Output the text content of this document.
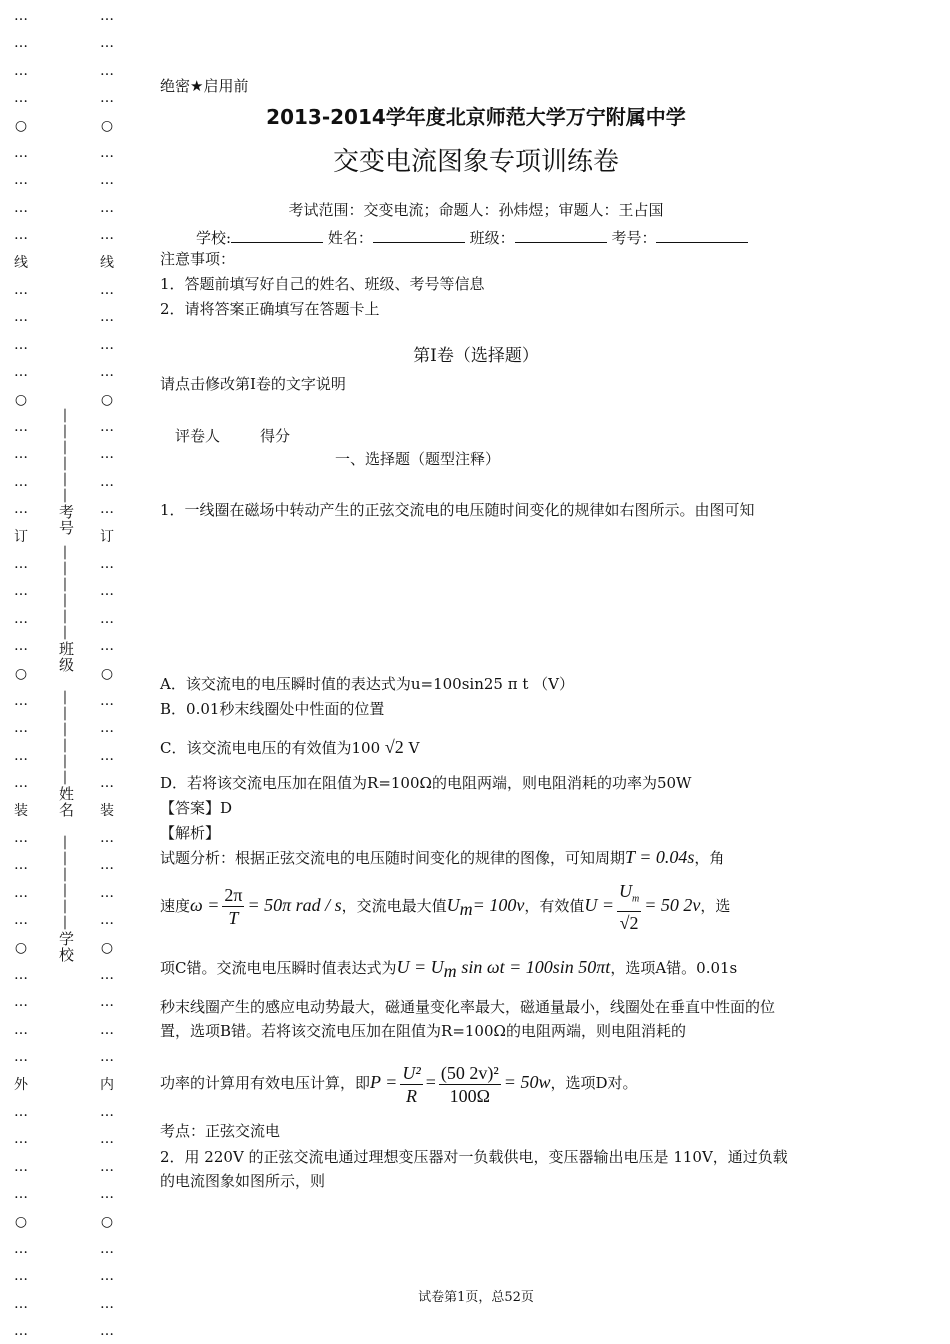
…
…
…
…
○
…
…
…
…
线
…
…
…
…
○
…
…
…
…
订
…
…
…
…
○
…
…
…
…
装
…
…
…
…
○
…
…
…
…
外
…
…
…
…
○
…
…
…
…
…
…
…
…
○
…
…
…
…
线
…
…
…
…
○
…
…
…
…
订
…
…
…
…
○
…
…
…
…
装
…
…
…
…
○
…
…
…
…
内
…
…
…
…
○
…
…
…
…
——————考号
——————班级
——————姓名
——————学校
绝密★启用前
2013-2014学年度北京师范大学万宁附属中学
交变电流图象专项训练卷
考试范围：交变电流；命题人：孙炜煜；审题人：王占国
学校:	姓名：	班级：	考号：
注意事项：
1．答题前填写好自己的姓名、班级、考号等信息
2．请将答案正确填写在答题卡上
第I卷（选择题）
请点击修改第I卷的文字说明
评卷人	得分
一、选择题（题型注释）
1．一线圈在磁场中转动产生的正弦交流电的电压随时间变化的规律如右图所示。由图可知
A．该交流电的电压瞬时值的表达式为u=100sin25 π t （V）
B．0.01秒末线圈处中性面的位置
C．该交流电电压的有效值为100 √2 V
D．若将该交流电压加在阻值为R=100Ω的电阻两端，则电阻消耗的功率为50W
【答案】D
【解析】
试题分析：根据正弦交流电的电压随时间变化的规律的图像，可知周期T = 0.04s，角
速度$\omega = \frac{2\pi}{T} = 50\pi$ rad / s，交流电最大值$U_m= 100v$，有效值$U = \frac{U_m}{√2} = 50$ 2v，选
项C错。交流电电压瞬时值表达式为$U = U_m$ sin ωt = 100sin 50πt，选项A错。0.01s
秒末线圈产生的感应电动势最大，磁通量变化率最大，磁通量最小，线圈处在垂直中性面的位置，选项B错。若将该交流电压加在阻值为R=100Ω的电阻两端，则电阻消耗的
功率的计算用有效电压计算，即$P = \frac{\text{U²}}{R} = \frac{\text{(50 2v)²}}{100\Omega} = 50w$，选项D对。
考点：正弦交流电
2．用 220V 的正弦交流电通过理想变压器对一负载供电，变压器输出电压是 110V，通过负载的电流图象如图所示，则
试卷第1页，总52页
